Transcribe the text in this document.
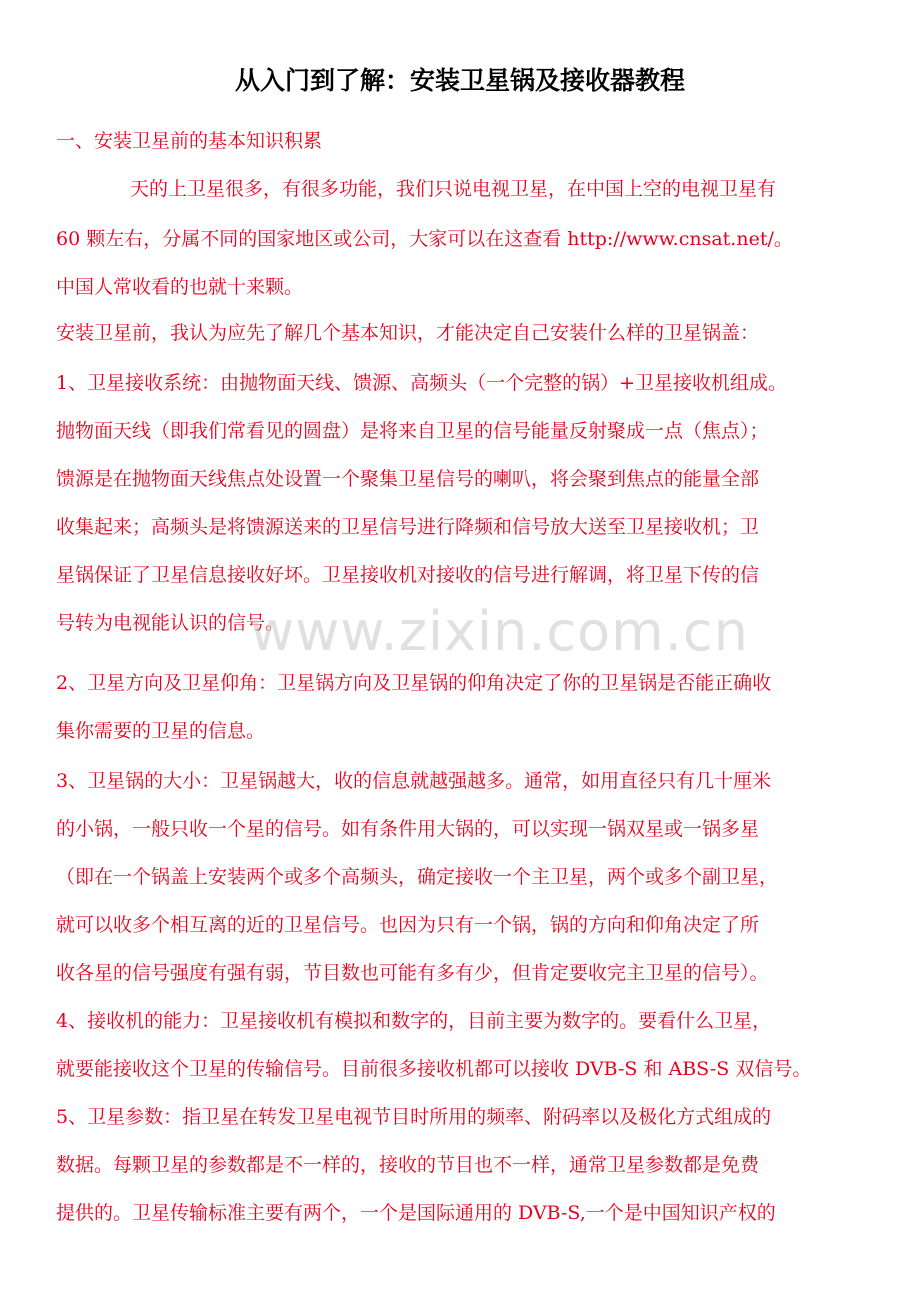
从入门到了解：安装卫星锅及接收器教程
一、安装卫星前的基本知识积累
天的上卫星很多，有很多功能，我们只说电视卫星，在中国上空的电视卫星有
60 颗左右，分属不同的国家地区或公司，大家可以在这查看 http://www.cnsat.net/。
中国人常收看的也就十来颗。
安装卫星前，我认为应先了解几个基本知识，才能决定自己安装什么样的卫星锅盖：
1、卫星接收系统：由抛物面天线、馈源、高频头（一个完整的锅）+卫星接收机组成。
抛物面天线（即我们常看见的圆盘）是将来自卫星的信号能量反射聚成一点（焦点）；
馈源是在抛物面天线焦点处设置一个聚集卫星信号的喇叭，将会聚到焦点的能量全部
收集起来；高频头是将馈源送来的卫星信号进行降频和信号放大送至卫星接收机；卫
星锅保证了卫星信息接收好坏。卫星接收机对接收的信号进行解调，将卫星下传的信
号转为电视能认识的信号。
2、卫星方向及卫星仰角：卫星锅方向及卫星锅的仰角决定了你的卫星锅是否能正确收
集你需要的卫星的信息。
3、卫星锅的大小：卫星锅越大，收的信息就越强越多。通常，如用直径只有几十厘米
的小锅，一般只收一个星的信号。如有条件用大锅的，可以实现一锅双星或一锅多星
（即在一个锅盖上安装两个或多个高频头，确定接收一个主卫星，两个或多个副卫星，
就可以收多个相互离的近的卫星信号。也因为只有一个锅，锅的方向和仰角决定了所
收各星的信号强度有强有弱，节目数也可能有多有少，但肯定要收完主卫星的信号）。
4、接收机的能力：卫星接收机有模拟和数字的，目前主要为数字的。要看什么卫星，
就要能接收这个卫星的传输信号。目前很多接收机都可以接收 DVB-S 和 ABS-S 双信号。
5、卫星参数：指卫星在转发卫星电视节目时所用的频率、附码率以及极化方式组成的
数据。每颗卫星的参数都是不一样的，接收的节目也不一样，通常卫星参数都是免费
提供的。卫星传输标准主要有两个，一个是国际通用的 DVB-S,一个是中国知识产权的
www.zixin.com.cn
